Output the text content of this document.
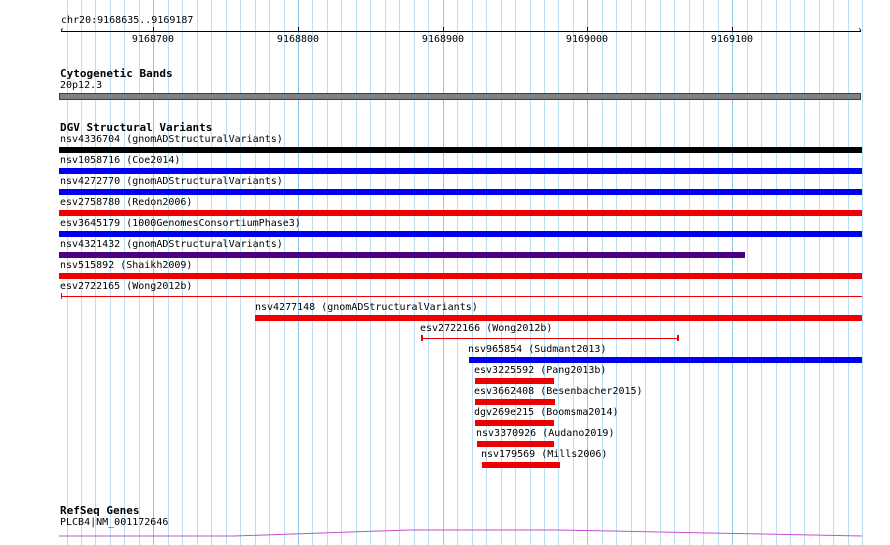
chr20:9168635..9169187
‹	›
9168700	9168800	9168900	9169000	9169100
Cytogenetic Bands
20p12.3
DGV Structural Variants
nsv4336704 (gnomADStructuralVariants)
nsv1058716 (Coe2014)
nsv4272770 (gnomADStructuralVariants)
esv2758780 (Redon2006)
esv3645179 (1000GenomesConsortiumPhase3)
nsv4321432 (gnomADStructuralVariants)
nsv515892 (Shaikh2009)
esv2722165 (Wong2012b)
nsv4277148 (gnomADStructuralVariants)
esv2722166 (Wong2012b)
nsv965854 (Sudmant2013)
esv3225592 (Pang2013b)
esv3662408 (Besenbacher2015)
dgv269e215 (Boomsma2014)
nsv3370926 (Audano2019)
nsv179569 (Mills2006)
RefSeq Genes
PLCB4|NM_001172646
